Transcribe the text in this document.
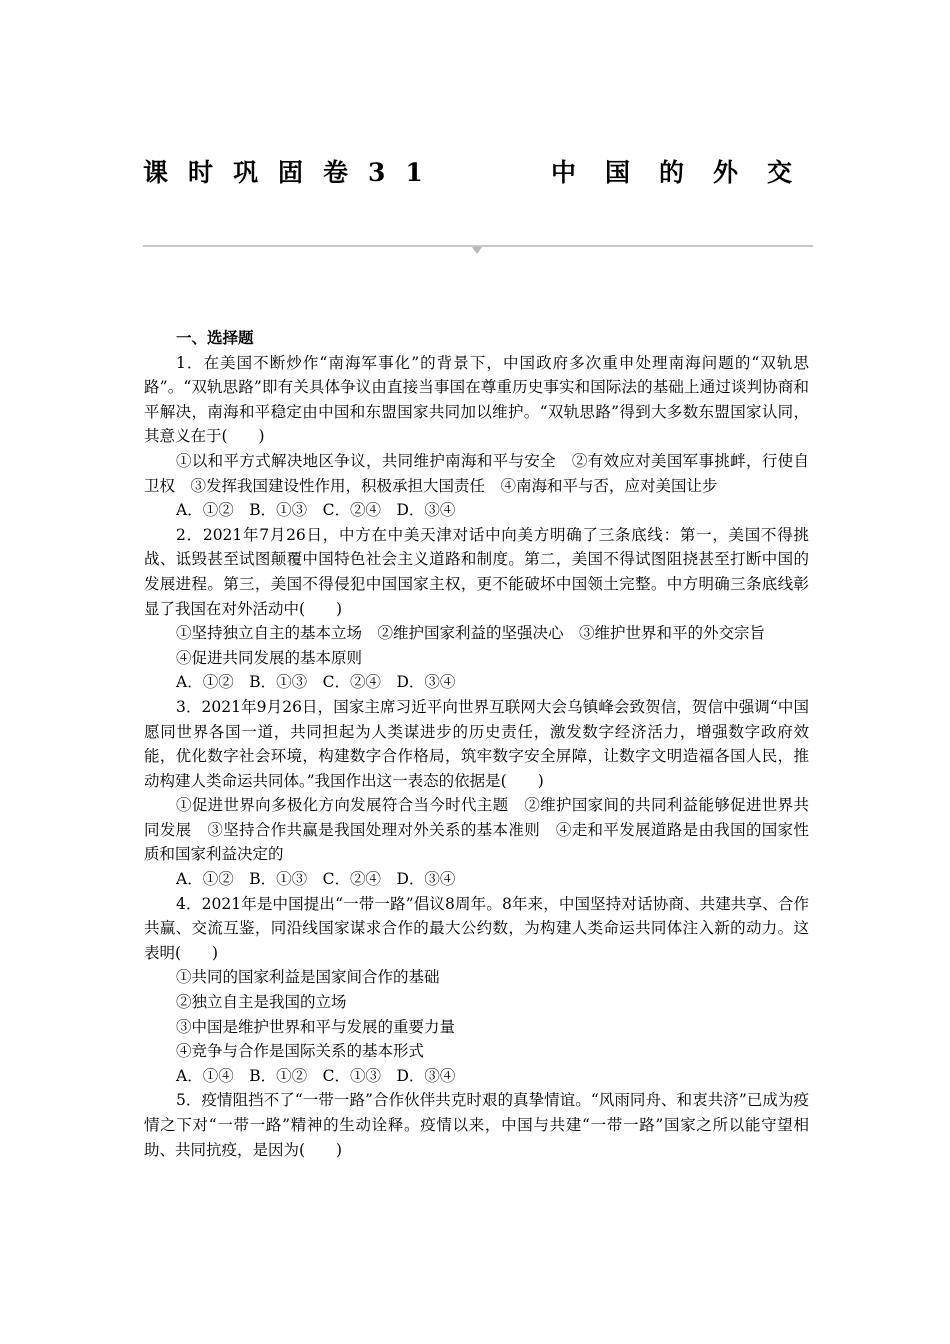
课时巩固卷31	中国的外交

一、选择题

1．在美国不断炒作“南海军事化”的背景下，中国政府多次重申处理南海问题的“双轨思路”。“双轨思路”即有关具体争议由直接当事国在尊重历史事实和国际法的基础上通过谈判协商和平解决，南海和平稳定由中国和东盟国家共同加以维护。“双轨思路”得到大多数东盟国家认同，其意义在于(　　)

①以和平方式解决地区争议，共同维护南海和平与安全　②有效应对美国军事挑衅，行使自卫权　③发挥我国建设性作用，积极承担大国责任　④南海和平与否，应对美国让步

A．①②　B．①③　C．②④　D．③④

2．2021年7月26日，中方在中美天津对话中向美方明确了三条底线：第一，美国不得挑战、诋毁甚至试图颠覆中国特色社会主义道路和制度。第二，美国不得试图阻挠甚至打断中国的发展进程。第三，美国不得侵犯中国国家主权，更不能破坏中国领土完整。中方明确三条底线彰显了我国在对外活动中(　　)

①坚持独立自主的基本立场　②维护国家利益的坚强决心　③维护世界和平的外交宗旨

④促进共同发展的基本原则

A．①②　B．①③　C．②④　D．③④

3．2021年9月26日，国家主席习近平向世界互联网大会乌镇峰会致贺信，贺信中强调“中国愿同世界各国一道，共同担起为人类谋进步的历史责任，激发数字经济活力，增强数字政府效能，优化数字社会环境，构建数字合作格局，筑牢数字安全屏障，让数字文明造福各国人民，推动构建人类命运共同体。”我国作出这一表态的依据是(　　)

①促进世界向多极化方向发展符合当今时代主题　②维护国家间的共同利益能够促进世界共同发展　③坚持合作共赢是我国处理对外关系的基本准则　④走和平发展道路是由我国的国家性质和国家利益决定的

A．①②　B．①③　C．②④　D．③④

4．2021年是中国提出“一带一路”倡议8周年。8年来，中国坚持对话协商、共建共享、合作共赢、交流互鉴，同沿线国家谋求合作的最大公约数，为构建人类命运共同体注入新的动力。这表明(　　)

①共同的国家利益是国家间合作的基础

②独立自主是我国的立场

③中国是维护世界和平与发展的重要力量

④竞争与合作是国际关系的基本形式

A．①④　B．①②　C．①③　D．③④

5．疫情阻挡不了“一带一路”合作伙伴共克时艰的真挚情谊。“风雨同舟、和衷共济”已成为疫情之下对“一带一路”精神的生动诠释。疫情以来，中国与共建“一带一路”国家之所以能守望相助、共同抗疫，是因为(　　)
